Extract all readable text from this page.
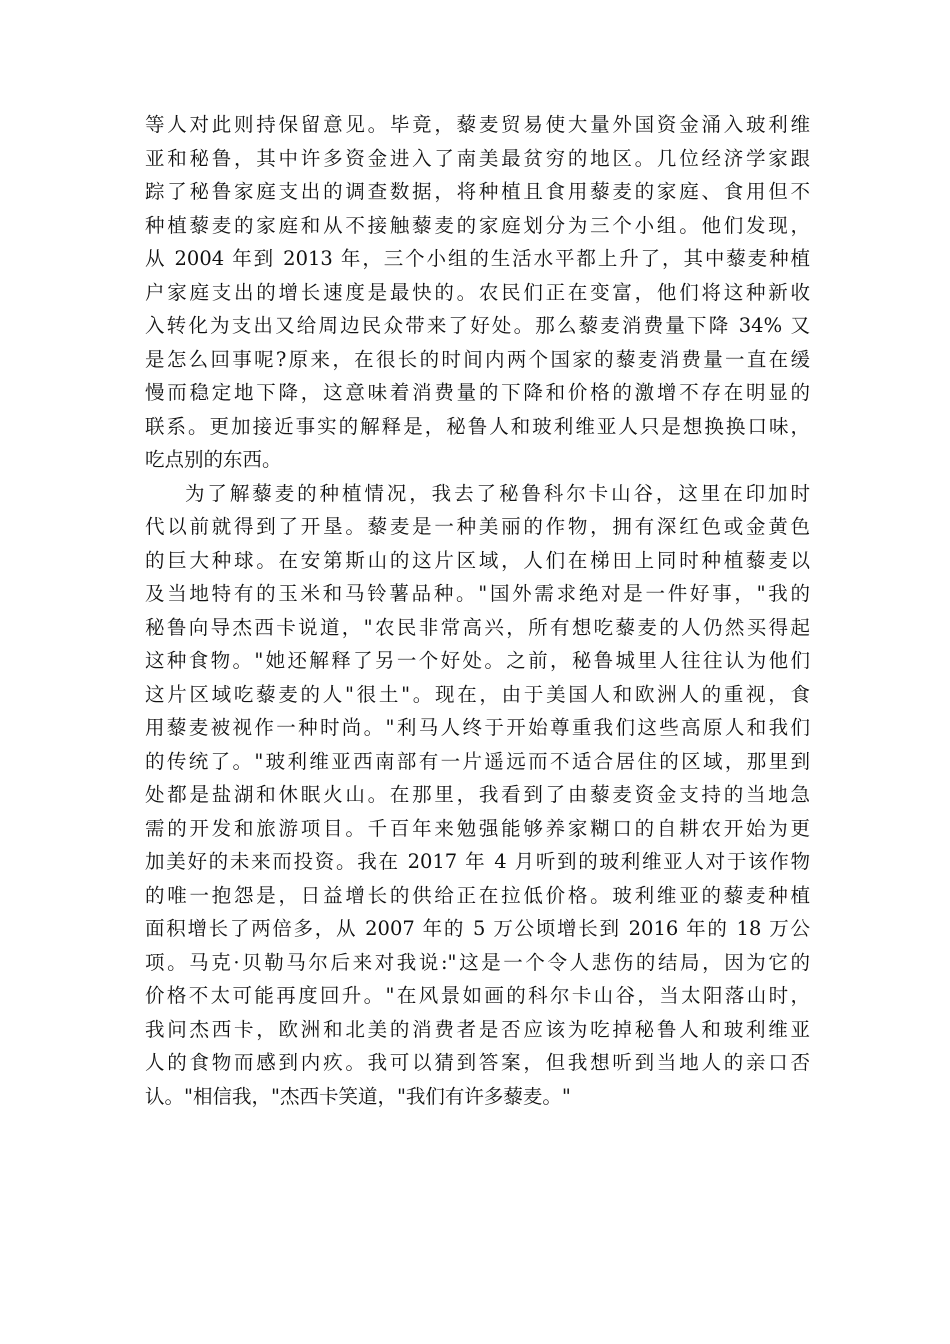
等人对此则持保留意见。毕竟，藜麦贸易使大量外国资金涌入玻利维
亚和秘鲁，其中许多资金进入了南美最贫穷的地区。几位经济学家跟
踪了秘鲁家庭支出的调查数据，将种植且食用藜麦的家庭、食用但不
种植藜麦的家庭和从不接触藜麦的家庭划分为三个小组。他们发现，
从 2004 年到 2013 年，三个小组的生活水平都上升了，其中藜麦种植
户家庭支出的增长速度是最快的。农民们正在变富，他们将这种新收
入转化为支出又给周边民众带来了好处。那么藜麦消费量下降 34% 又
是怎么回事呢?原来，在很长的时间内两个国家的藜麦消费量一直在缓
慢而稳定地下降，这意味着消费量的下降和价格的激增不存在明显的
联系。更加接近事实的解释是，秘鲁人和玻利维亚人只是想换换口味，
吃点别的东西。
为了解藜麦的种植情况，我去了秘鲁科尔卡山谷，这里在印加时
代以前就得到了开垦。藜麦是一种美丽的作物，拥有深红色或金黄色
的巨大种球。在安第斯山的这片区域，人们在梯田上同时种植藜麦以
及当地特有的玉米和马铃薯品种。"国外需求绝对是一件好事，"我的
秘鲁向导杰西卡说道，"农民非常高兴，所有想吃藜麦的人仍然买得起
这种食物。"她还解释了另一个好处。之前，秘鲁城里人往往认为他们
这片区域吃藜麦的人"很土"。现在，由于美国人和欧洲人的重视，食
用藜麦被视作一种时尚。"利马人终于开始尊重我们这些高原人和我们
的传统了。"玻利维亚西南部有一片遥远而不适合居住的区域，那里到
处都是盐湖和休眠火山。在那里，我看到了由藜麦资金支持的当地急
需的开发和旅游项目。千百年来勉强能够养家糊口的自耕农开始为更
加美好的未来而投资。我在 2017 年 4 月听到的玻利维亚人对于该作物
的唯一抱怨是，日益增长的供给正在拉低价格。玻利维亚的藜麦种植
面积增长了两倍多，从 2007 年的 5 万公顷增长到 2016 年的 18 万公
项。马克·贝勒马尔后来对我说:"这是一个令人悲伤的结局，因为它的
价格不太可能再度回升。"在风景如画的科尔卡山谷，当太阳落山时，
我问杰西卡，欧洲和北美的消费者是否应该为吃掉秘鲁人和玻利维亚
人的食物而感到内疚。我可以猜到答案，但我想听到当地人的亲口否
认。"相信我，"杰西卡笑道，"我们有许多藜麦。"
